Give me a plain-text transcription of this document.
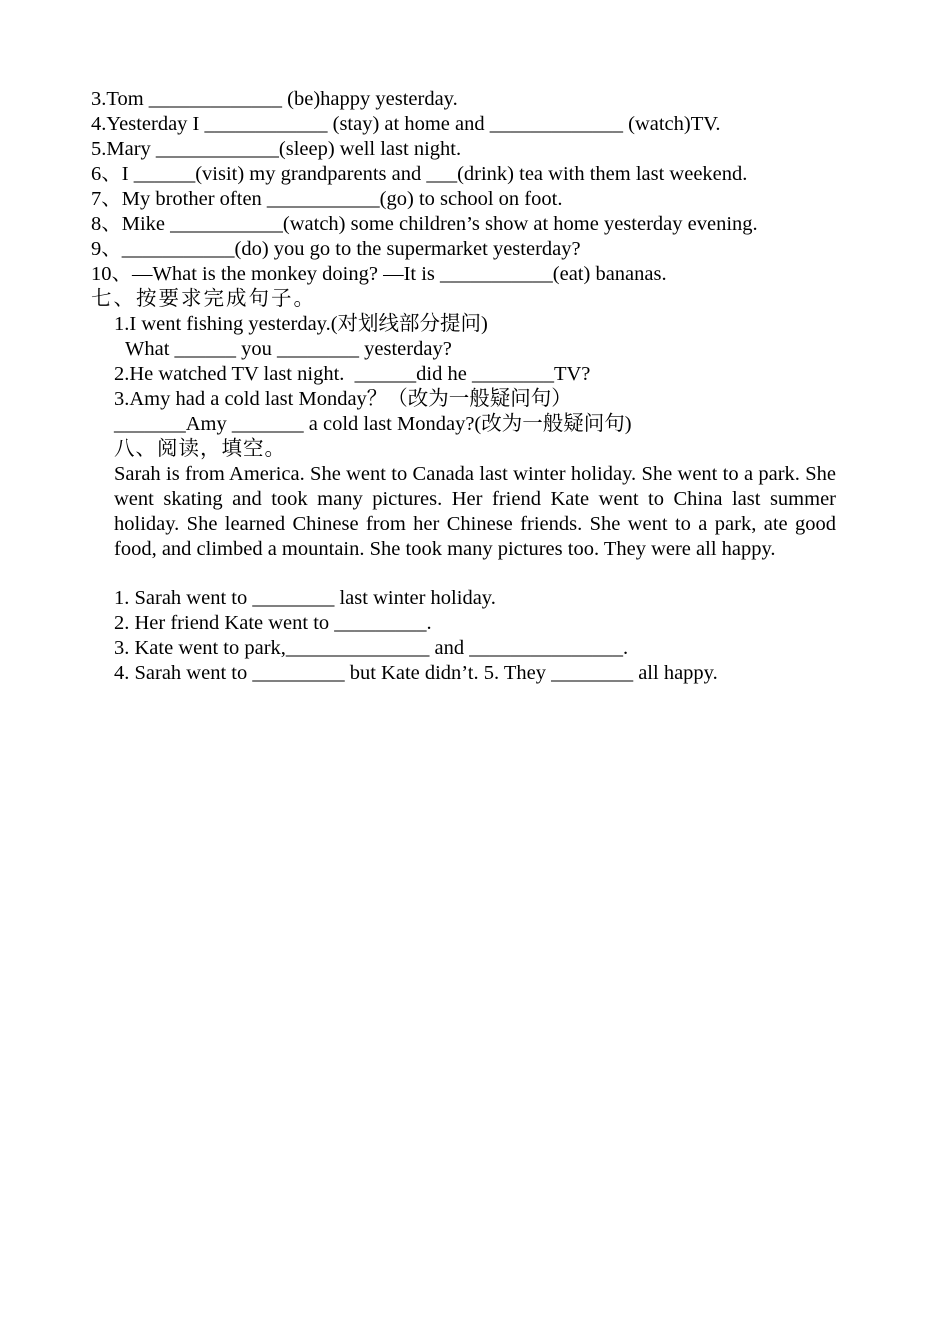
3.Tom _____________ (be)happy yesterday.
4.Yesterday I ____________ (stay) at home and _____________ (watch)TV.
5.Mary ____________(sleep) well last night.
6、I ______(visit) my grandparents and ___(drink) tea with them last weekend.
7、My brother often ___________(go) to school on foot.
8、Mike ___________(watch) some children’s show at home yesterday evening.
9、___________(do) you go to the supermarket yesterday?
10、—What is the monkey doing? —It is ___________(eat) bananas.
七、按要求完成句子。
1.I went fishing yesterday.(对划线部分提问)
What ______ you ________ yesterday?
2.He watched TV last night.  ______did he ________TV?
3.Amy had a cold last Monday？（改为一般疑问句）
_______Amy _______ a cold last Monday?(改为一般疑问句)
八、阅读，填空。
Sarah is from America. She went to Canada last winter holiday. She went to a park. She went skating and took many pictures. Her friend Kate went to China last summer holiday. She learned Chinese from her Chinese friends. She went to a park, ate good food, and climbed a mountain. She took many pictures too. They were all happy.
1. Sarah went to ________ last winter holiday.
2. Her friend Kate went to _________.
3. Kate went to park,______________ and _______________.
4. Sarah went to _________ but Kate didn’t. 5. They ________ all happy.
